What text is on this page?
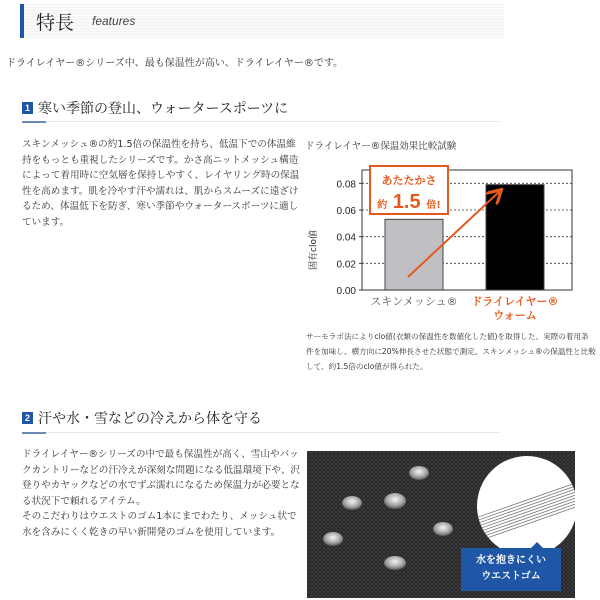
特長 features
ドライレイヤー®シリーズ中、最も保温性が高い、ドライレイヤー®です。
1 寒い季節の登山、ウォータースポーツに
スキンメッシュ®の約1.5倍の保温性を持ち、低温下での体温維持をもっとも重視したシリーズです。かさ高ニットメッシュ構造によって着用時に空気層を保持しやすく、レイヤリング時の保温性を高めます。肌を冷やす汗や濡れは、肌からスムーズに遠ざけるため、体温低下を防ぎ、寒い季節やウォータースポーツに適しています。
ドライレイヤー®保温効果比較試験
0.00
0.02
0.04
0.06
0.08
スキンメッシュ® ドライレイヤー®
ウォーム
固有clo値
あたたかさ
約 1.5 倍!
サーモラボ法によりclo値(衣類の保温性を数値化した値)を取得した。実際の着用条件を加味し、横方向に20%伸長させた状態で測定。スキンメッシュ®の保温性と比較して、約1.5倍のclo値が得られた。
2 汗や水・雪などの冷えから体を守る
ドライレイヤー®シリーズの中で最も保温性が高く、雪山やバックカントリーなどの汗冷えが深刻な問題になる低温環境下や、沢登りやカヤックなどの水でずぶ濡れになるため保温力が必要となる状況下で頼れるアイテム。
そのこだわりはウエストのゴム1本にまでわたり、メッシュ状で水を含みにくく乾きの早い新開発のゴムを使用しています。
水を抱きにくい
ウエストゴム
